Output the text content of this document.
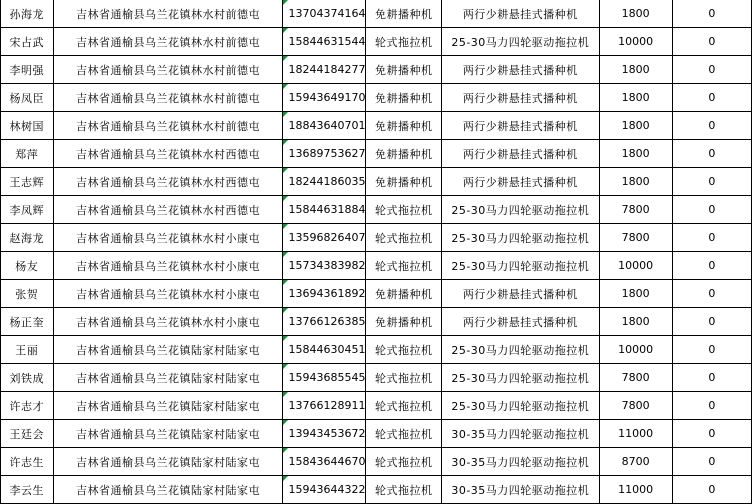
孙海龙	吉林省通榆县乌兰花镇林水村前德屯	13704374164	免耕播种机	两行少耕悬挂式播种机	1800	0
宋占武	吉林省通榆县乌兰花镇林水村前德屯	15844631544	轮式拖拉机	25-30马力四轮驱动拖拉机	10000	0
李明强	吉林省通榆县乌兰花镇林水村前德屯	18244184277	免耕播种机	两行少耕悬挂式播种机	1800	0
杨凤臣	吉林省通榆县乌兰花镇林水村前德屯	15943649170	免耕播种机	两行少耕悬挂式播种机	1800	0
林树国	吉林省通榆县乌兰花镇林水村前德屯	18843640701	免耕播种机	两行少耕悬挂式播种机	1800	0
郑萍	吉林省通榆县乌兰花镇林水村西德屯	13689753627	免耕播种机	两行少耕悬挂式播种机	1800	0
王志辉	吉林省通榆县乌兰花镇林水村西德屯	18244186035	免耕播种机	两行少耕悬挂式播种机	1800	0
李凤辉	吉林省通榆县乌兰花镇林水村西德屯	15844631884	轮式拖拉机	25-30马力四轮驱动拖拉机	7800	0
赵海龙	吉林省通榆县乌兰花镇林水村小康屯	13596826407	轮式拖拉机	25-30马力四轮驱动拖拉机	7800	0
杨友	吉林省通榆县乌兰花镇林水村小康屯	15734383982	轮式拖拉机	25-30马力四轮驱动拖拉机	10000	0
张贺	吉林省通榆县乌兰花镇林水村小康屯	13694361892	免耕播种机	两行少耕悬挂式播种机	1800	0
杨正奎	吉林省通榆县乌兰花镇林水村小康屯	13766126385	免耕播种机	两行少耕悬挂式播种机	1800	0
王丽	吉林省通榆县乌兰花镇陆家村陆家屯	15844630451	轮式拖拉机	25-30马力四轮驱动拖拉机	10000	0
刘铁成	吉林省通榆县乌兰花镇陆家村陆家屯	15943685545	轮式拖拉机	25-30马力四轮驱动拖拉机	7800	0
许志才	吉林省通榆县乌兰花镇陆家村陆家屯	13766128911	轮式拖拉机	25-30马力四轮驱动拖拉机	7800	0
王廷会	吉林省通榆县乌兰花镇陆家村陆家屯	13943453672	轮式拖拉机	30-35马力四轮驱动拖拉机	11000	0
许志生	吉林省通榆县乌兰花镇陆家村陆家屯	15843644670	轮式拖拉机	30-35马力四轮驱动拖拉机	8700	0
李云生	吉林省通榆县乌兰花镇陆家村陆家屯	15943644322	轮式拖拉机	30-35马力四轮驱动拖拉机	11000	0
